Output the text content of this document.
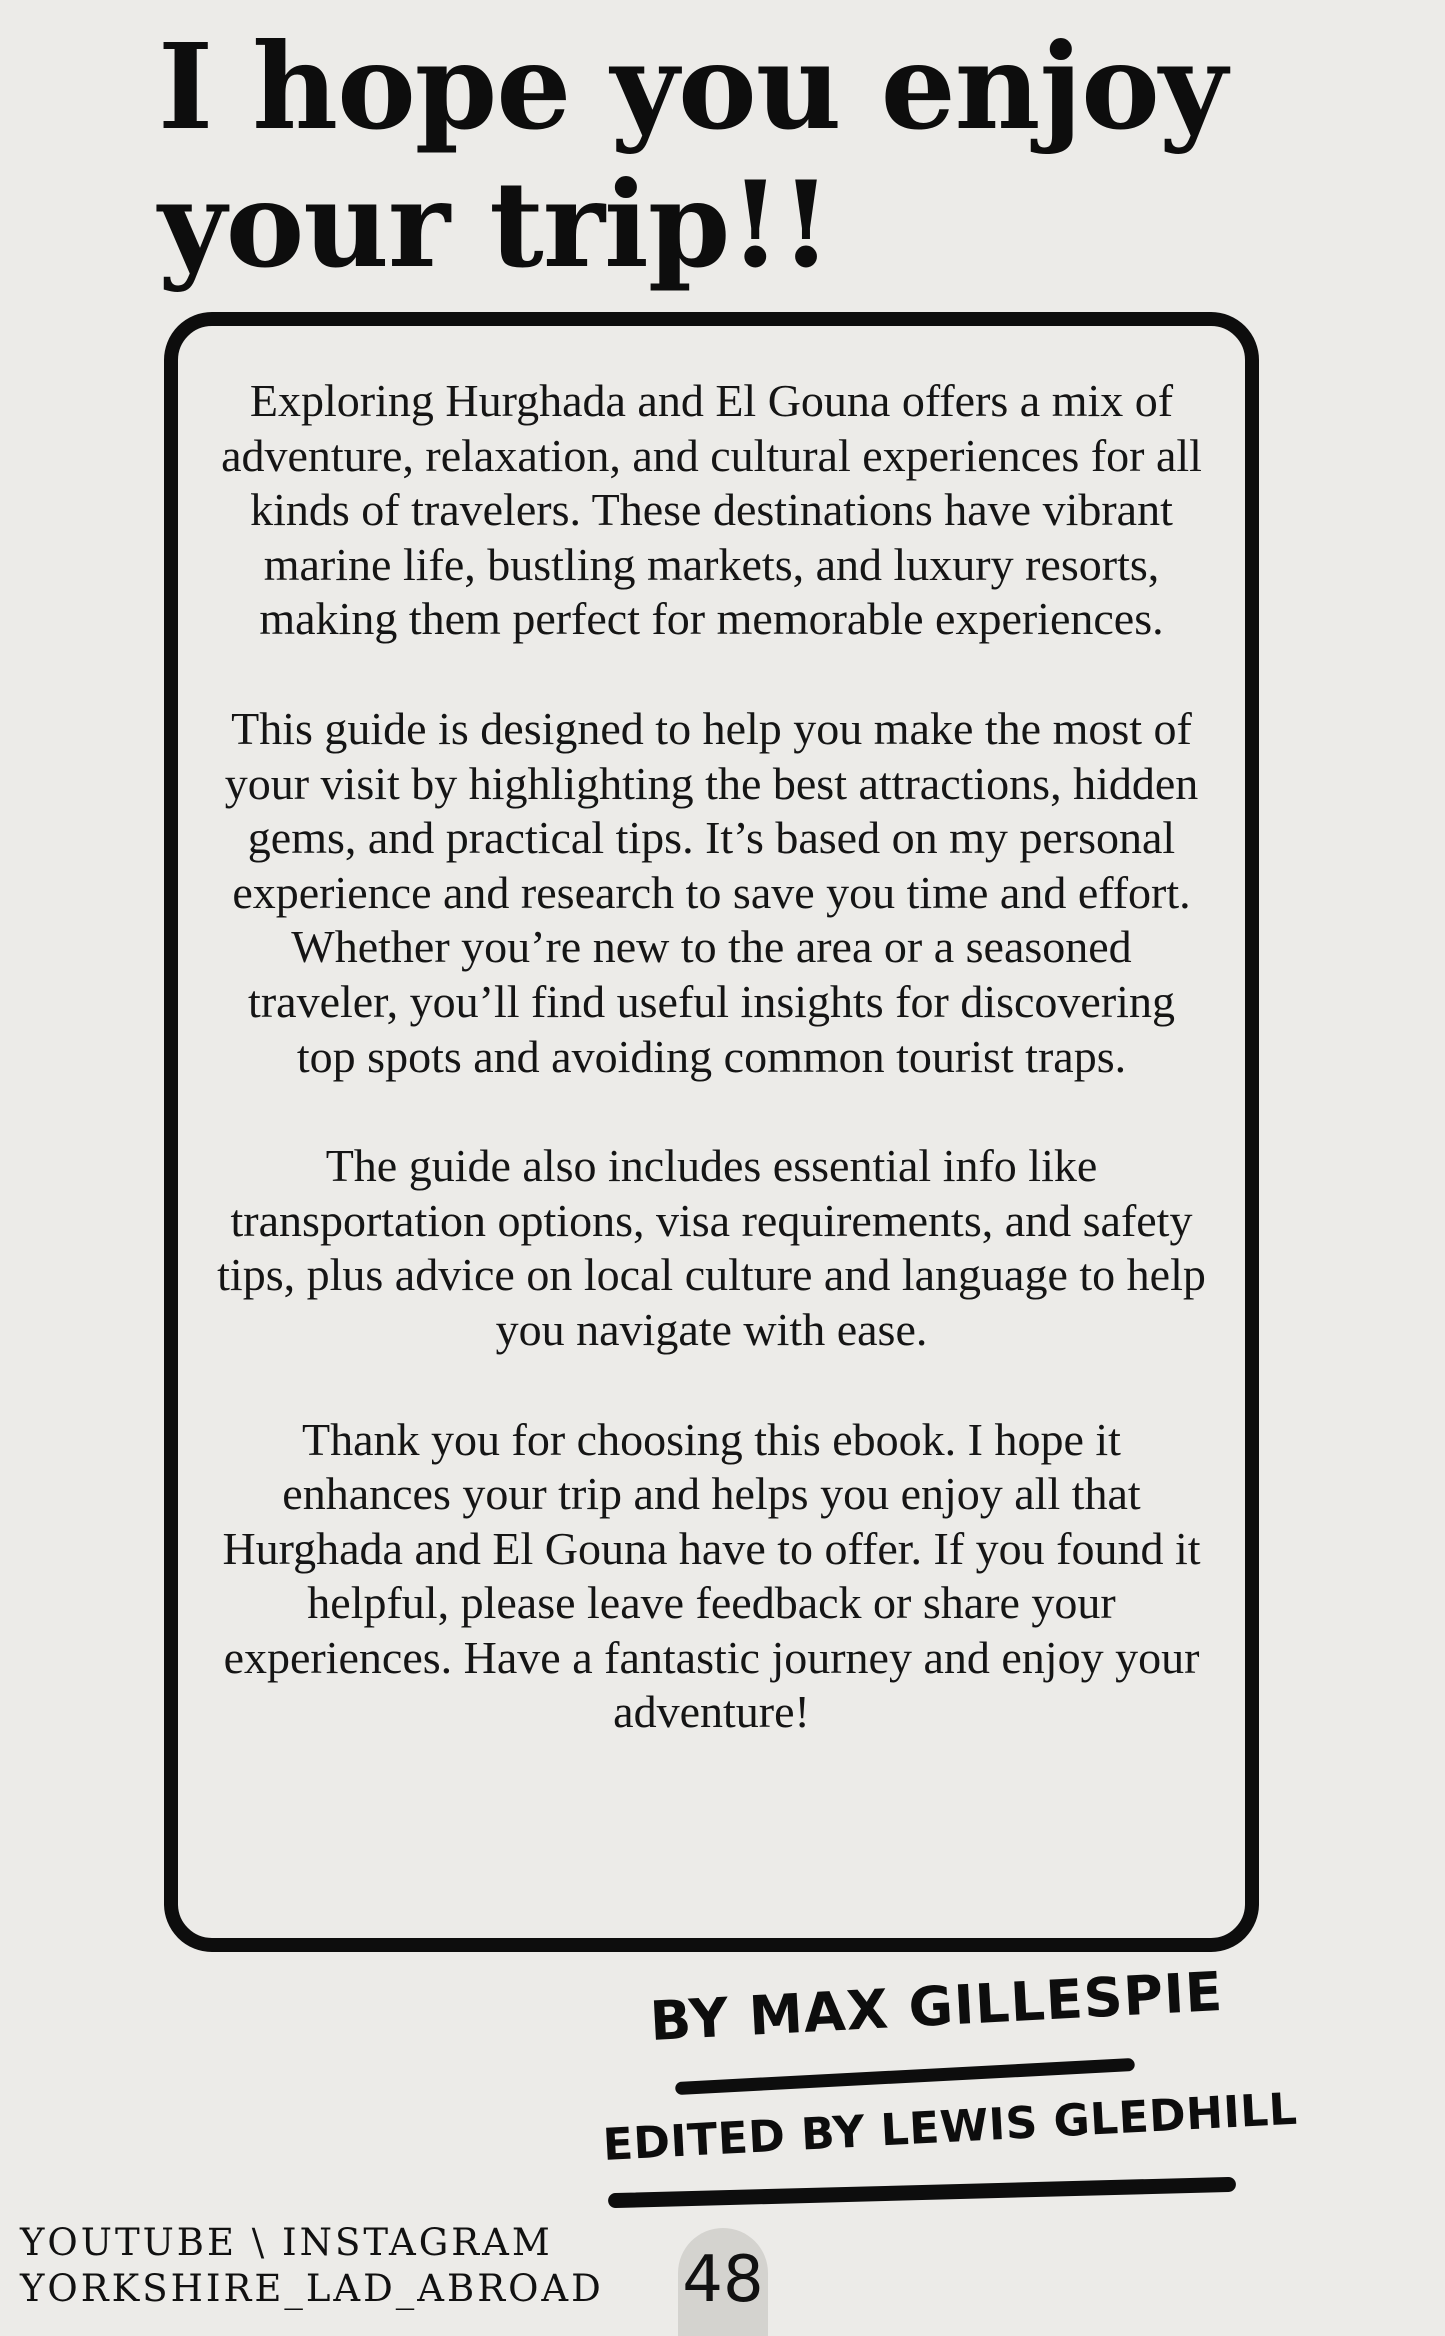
I hope you enjoy
your trip!!

Exploring Hurghada and El Gouna offers a mix of adventure, relaxation, and cultural experiences for all kinds of travelers. These destinations have vibrant marine life, bustling markets, and luxury resorts, making them perfect for memorable experiences.

This guide is designed to help you make the most of your visit by highlighting the best attractions, hidden gems, and practical tips. It’s based on my personal experience and research to save you time and effort. Whether you’re new to the area or a seasoned traveler, you’ll find useful insights for discovering top spots and avoiding common tourist traps.

The guide also includes essential info like transportation options, visa requirements, and safety tips, plus advice on local culture and language to help you navigate with ease.

Thank you for choosing this ebook. I hope it enhances your trip and helps you enjoy all that Hurghada and El Gouna have to offer. If you found it helpful, please leave feedback or share your experiences. Have a fantastic journey and enjoy your adventure!

BY MAX GILLESPIE
EDITED BY LEWIS GLEDHILL
YOUTUBE \ INSTAGRAM
YORKSHIRE_LAD_ABROAD 48
